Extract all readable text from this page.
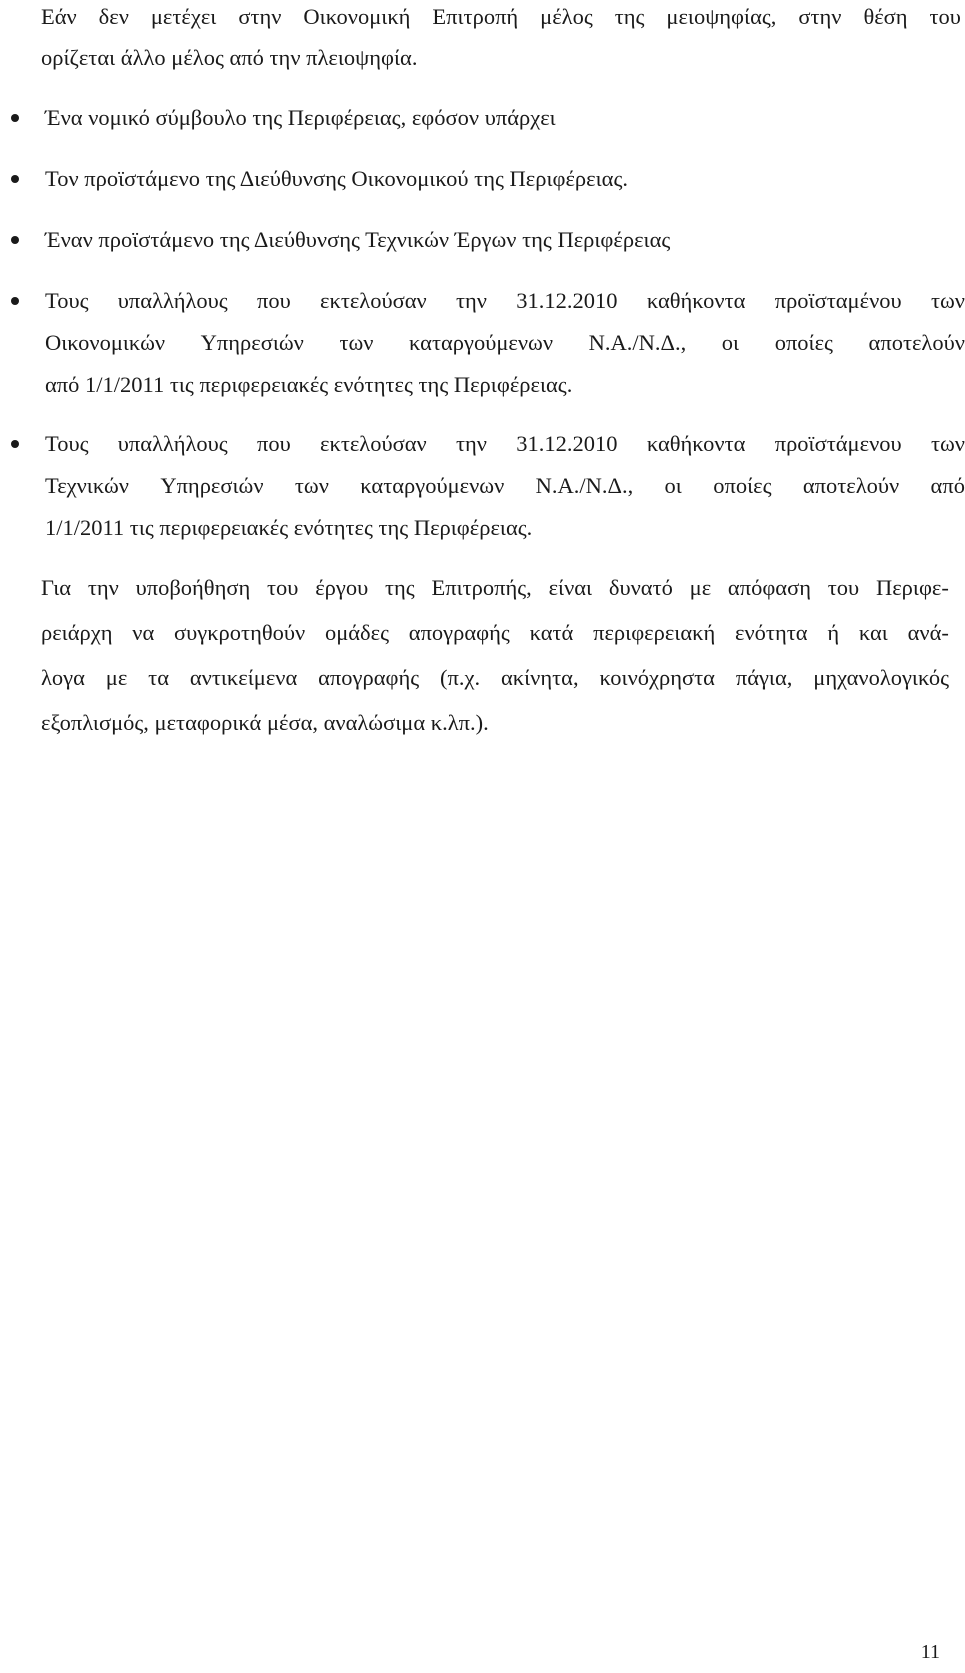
Εάν δεν μετέχει στην Οικονομική Επιτροπή μέλος της μειοψηφίας, στην θέση του
ορίζεται άλλο μέλος από την πλειοψηφία.
Ένα νομικό σύμβουλο της Περιφέρειας, εφόσον υπάρχει
Τον προϊστάμενο της Διεύθυνσης Οικονομικού της Περιφέρειας.
Έναν προϊστάμενο της Διεύθυνσης Τεχνικών Έργων της Περιφέρειας
Τους υπαλλήλους που εκτελούσαν την 31.12.2010 καθήκοντα προϊσταμένου των
Οικονομικών Υπηρεσιών των καταργούμενων Ν.Α./Ν.Δ., οι οποίες αποτελούν
από 1/1/2011 τις περιφερειακές ενότητες της Περιφέρειας.
Τους υπαλλήλους που εκτελούσαν την 31.12.2010 καθήκοντα προϊστάμενου των
Τεχνικών Υπηρεσιών των καταργούμενων Ν.Α./Ν.Δ., οι οποίες αποτελούν από
1/1/2011 τις περιφερειακές ενότητες της Περιφέρειας.
Για την υποβοήθηση του έργου της Επιτροπής, είναι δυνατό με απόφαση του Περιφε-
ρειάρχη να συγκροτηθούν ομάδες απογραφής κατά περιφερειακή ενότητα ή και ανά-
λογα με τα αντικείμενα απογραφής (π.χ. ακίνητα, κοινόχρηστα πάγια, μηχανολογικός
εξοπλισμός, μεταφορικά μέσα, αναλώσιμα κ.λπ.).
11
